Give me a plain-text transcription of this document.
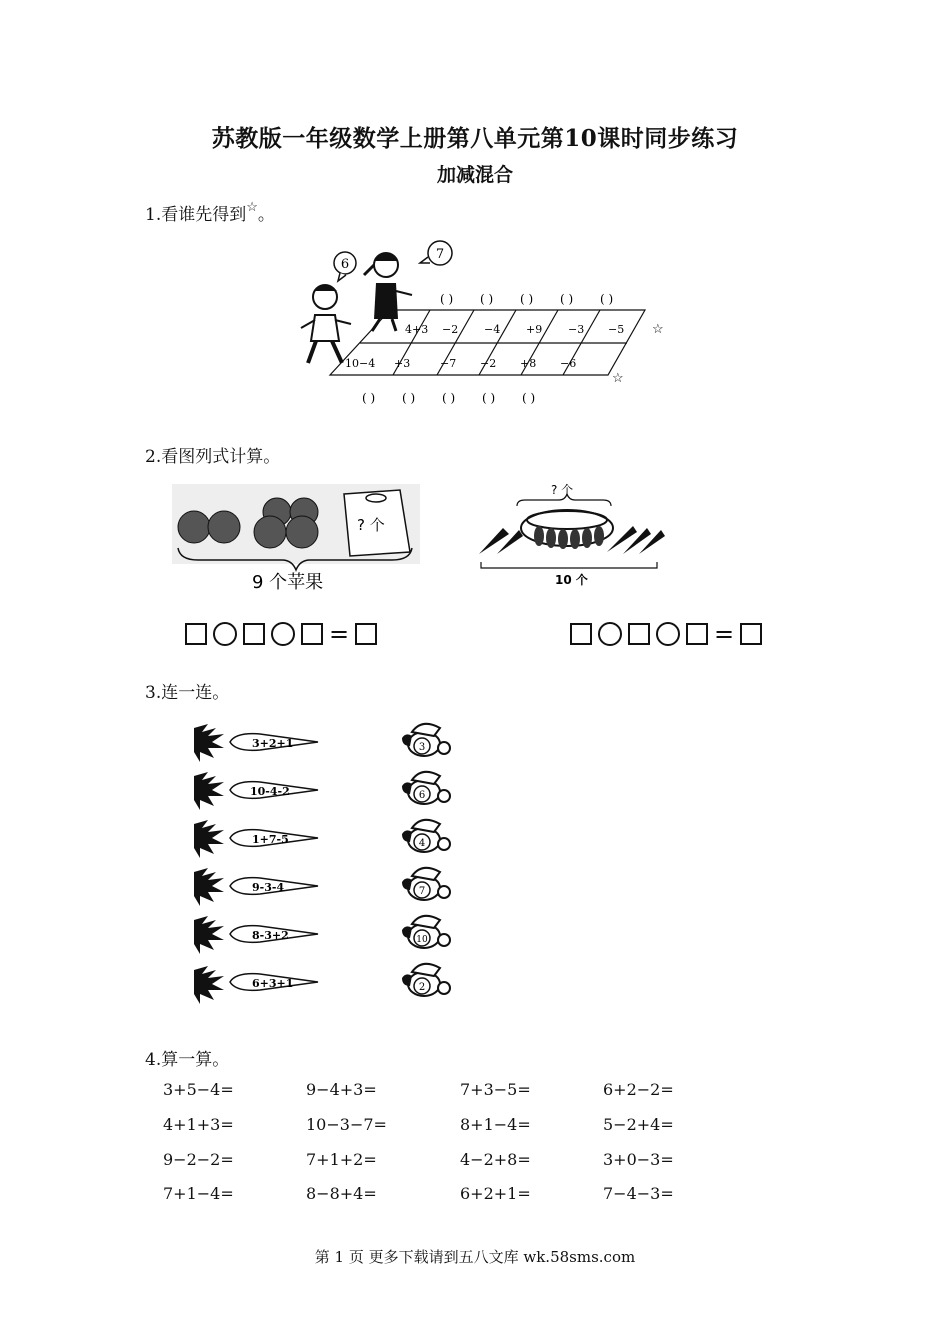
苏教版一年级数学上册第八单元第10课时同步练习
加减混合
1.看谁先得到☆。
6
7
( ) ( ) ( ) ( ) ( )
4+3 −2 −4 +9 −3 −5
10−4 +3	−7 −2 +8 −6
☆
☆
( ) ( ) ( ) ( ) ( )
2.看图列式计算。
? 个
9 个苹果
? 个
10 个
=	=
3.连一连。
3+2+1
10-4-2
1+7-5
9-3-4
8-3+2
6+3+1
3
6
4
7
10
2
4.算一算。
3+5−4=	9−4+3=	7+3−5=	6+2−2=
4+1+3=	10−3−7=	8+1−4=	5−2+4=
9−2−2=	7+1+2=	4−2+8=	3+0−3=
7+1−4=	8−8+4=	6+2+1=	7−4−3=
第 1 页 更多下载请到五八文库 wk.58sms.com
